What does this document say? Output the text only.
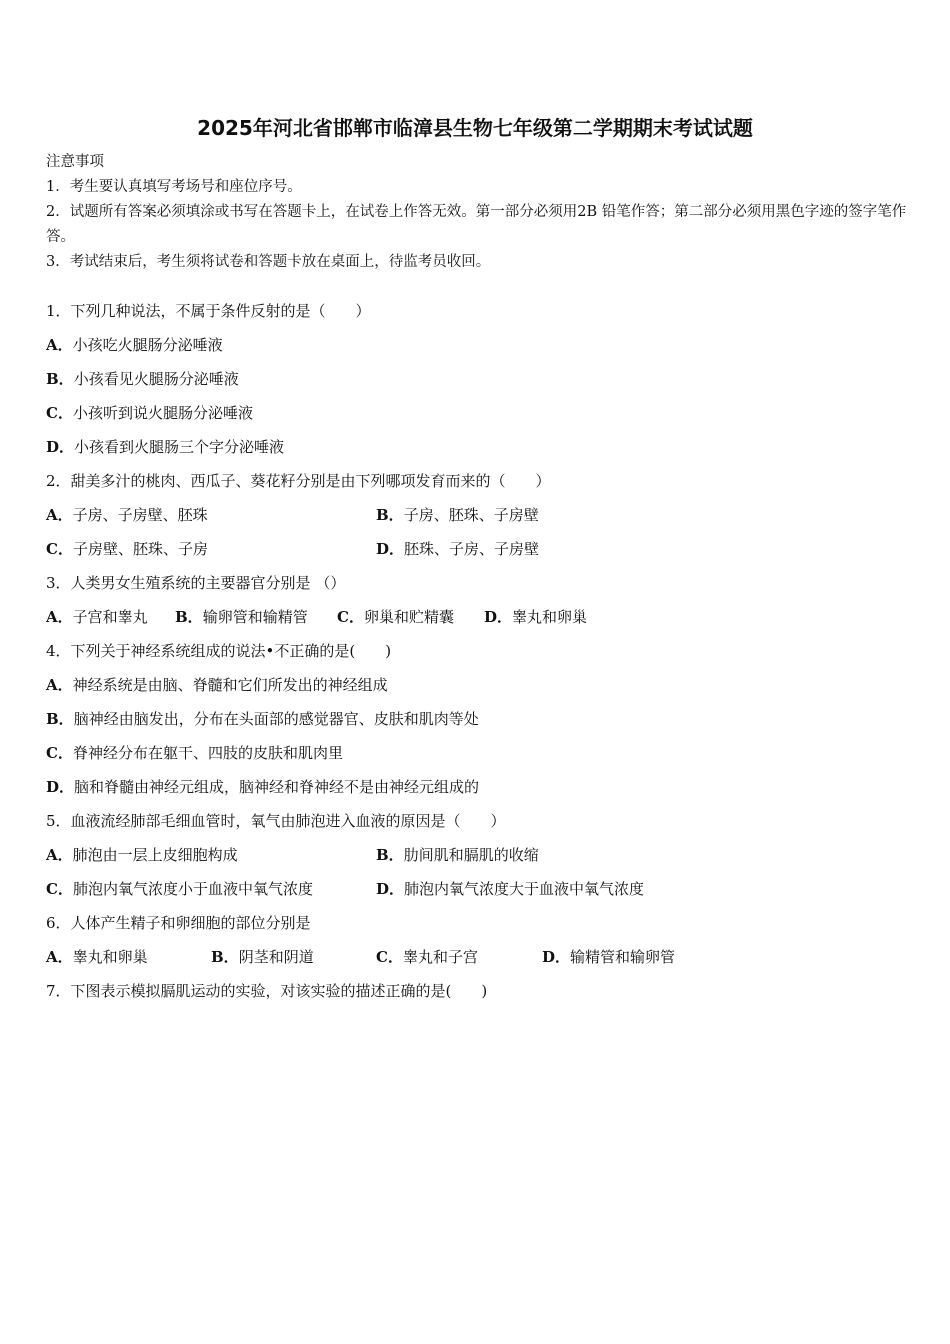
2025年河北省邯郸市临漳县生物七年级第二学期期末考试试题

注意事项

1．考生要认真填写考场号和座位序号。

2．试题所有答案必须填涂或书写在答题卡上，在试卷上作答无效。第一部分必须用2B 铅笔作答；第二部分必须用黑色字迹的签字笔作答。

3．考试结束后，考生须将试卷和答题卡放在桌面上，待监考员收回。

1．下列几种说法，不属于条件反射的是（　　）
A．小孩吃火腿肠分泌唾液
B．小孩看见火腿肠分泌唾液
C．小孩听到说火腿肠分泌唾液
D．小孩看到火腿肠三个字分泌唾液
2．甜美多汁的桃肉、西瓜子、葵花籽分别是由下列哪项发育而来的（　　）
A．子房、子房壁、胚珠	B．子房、胚珠、子房壁
C．子房壁、胚珠、子房	D．胚珠、子房、子房壁
3．人类男女生殖系统的主要器官分别是 （）
A．子宫和睾丸 B．输卵管和输精管 C．卵巢和贮精囊 D．睾丸和卵巢
4．下列关于神经系统组成的说法•不正确的是(　　)
A．神经系统是由脑、脊髓和它们所发出的神经组成
B．脑神经由脑发出，分布在头面部的感觉器官、皮肤和肌肉等处
C．脊神经分布在躯干、四肢的皮肤和肌肉里
D．脑和脊髓由神经元组成，脑神经和脊神经不是由神经元组成的
5．血液流经肺部毛细血管时，氧气由肺泡进入血液的原因是（　　）
A．肺泡由一层上皮细胞构成	B．肋间肌和膈肌的收缩
C．肺泡内氧气浓度小于血液中氧气浓度	D．肺泡内氧气浓度大于血液中氧气浓度
6．人体产生精子和卵细胞的部位分别是
A．睾丸和卵巢	B．阴茎和阴道	C．睾丸和子宫	D．输精管和输卵管
7．下图表示模拟膈肌运动的实验，对该实验的描述正确的是(　　)
